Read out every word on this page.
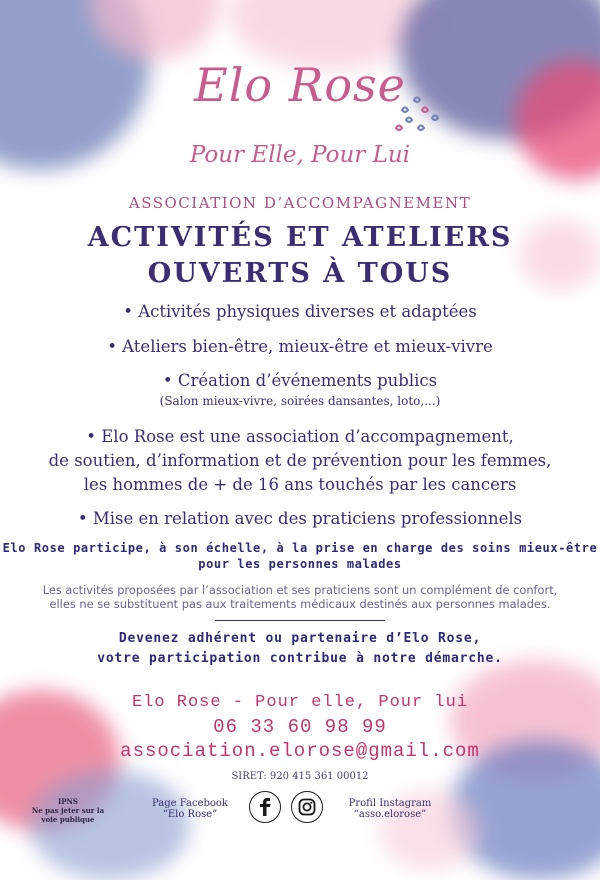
Elo Rose
Pour Elle, Pour Lui
ASSOCIATION D’ACCOMPAGNEMENT
ACTIVITÉS ET ATELIERS
OUVERTS À TOUS
• Activités physiques diverses et adaptées
• Ateliers bien-être, mieux-être et mieux-vivre
• Création d’événements publics
(Salon mieux-vivre, soirées dansantes, loto,...)
• Elo Rose est une association d’accompagnement,
de soutien, d’information et de prévention pour les femmes,
les hommes de + de 16 ans touchés par les cancers
• Mise en relation avec des praticiens professionnels
Elo Rose participe, à son échelle, à la prise en charge des soins mieux-être
pour les personnes malades
Les activités proposées par l’association et ses praticiens sont un complément de confort,
elles ne se substituent pas aux traitements médicaux destinés aux personnes malades.
Devenez adhérent ou partenaire d’Elo Rose,
votre participation contribue à notre démarche.
Elo Rose - Pour elle, Pour lui
06 33 60 98 99
association.elorose@gmail.com
SIRET: 920 415 361 00012
IPNS
Ne pas jeter sur la voie publique
Page Facebook
“Elo Rose”
Profil Instagram
“asso.elorose”
